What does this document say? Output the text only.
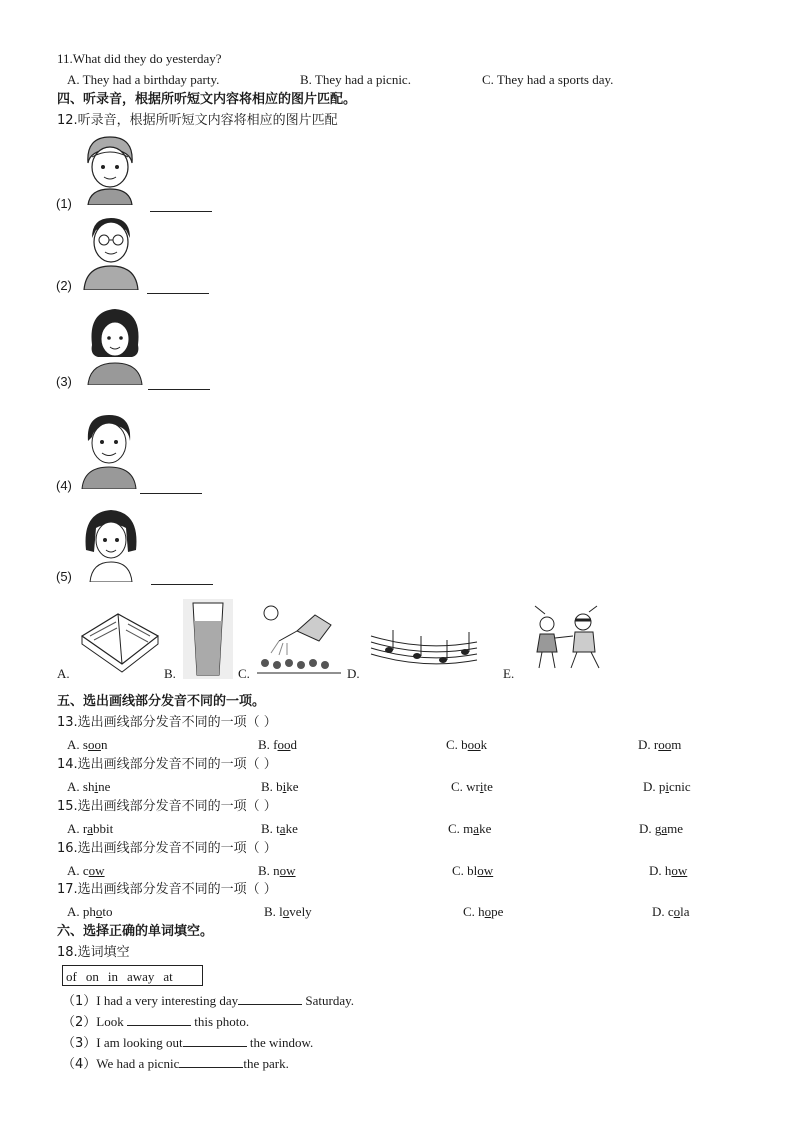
11.What did they do yesterday?
A. They had a birthday party.	B. They had a picnic.	C. They had a sports day.
四、听录音，根据所听短文内容将相应的图片匹配。
12.听录音，根据所听短文内容将相应的图片匹配
(1)
(2)
(3)
(4)
(5)
A.	B.	C.	D.	E.
五、选出画线部分发音不同的一项。
13.选出画线部分发音不同的一项（ ）
A. soon	B. food	C. book	D. room
14.选出画线部分发音不同的一项（ ）
A. shine	B. bike	C. write	D. picnic
15.选出画线部分发音不同的一项（ ）
A. rabbit	B. take	C. make	D. game
16.选出画线部分发音不同的一项（ ）
A. cow	B. now	C. blow	D. how
17.选出画线部分发音不同的一项（ ）
A. photo	B. lovely	C. hope	D. cola
六、选择正确的单词填空。
18.选词填空
of on in away at
（1）I had a very interesting day	Saturday.
（2）Look	this photo.
（3）I am looking out	the window.
（4）We had a picnic	the park.
